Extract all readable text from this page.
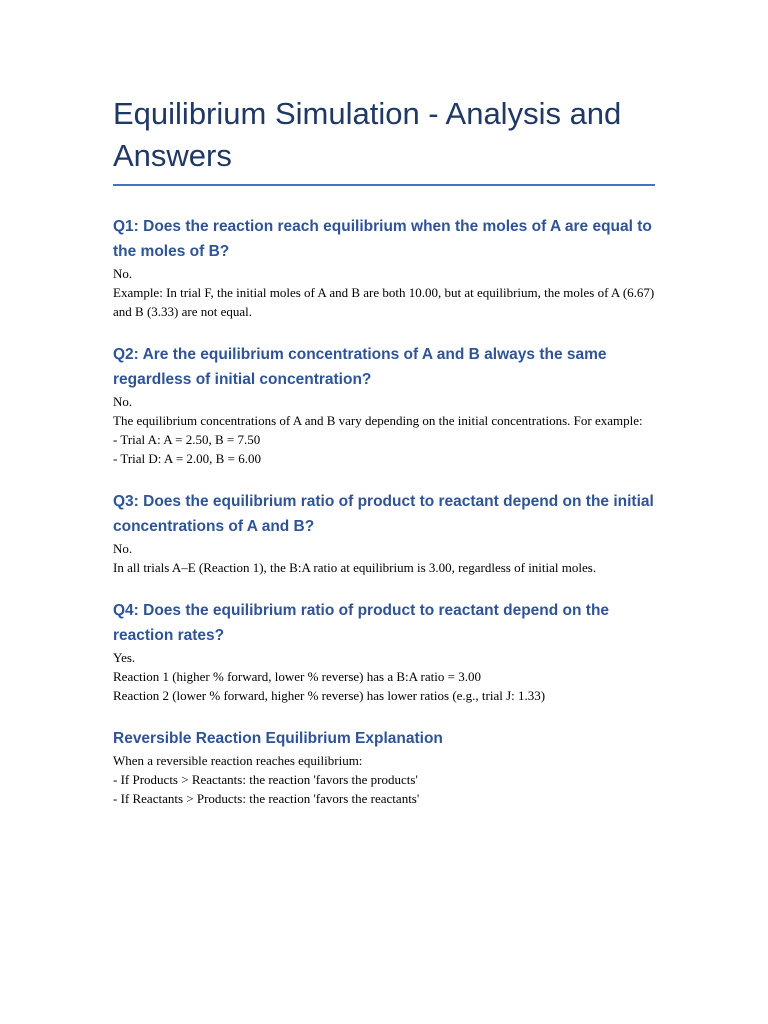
Equilibrium Simulation - Analysis and Answers
Q1: Does the reaction reach equilibrium when the moles of A are equal to the moles of B?

No.

Example: In trial F, the initial moles of A and B are both 10.00, but at equilibrium, the moles of A (6.67) and B (3.33) are not equal.

Q2: Are the equilibrium concentrations of A and B always the same regardless of initial concentration?

No.

The equilibrium concentrations of A and B vary depending on the initial concentrations. For example:

- Trial A: A = 2.50, B = 7.50

- Trial D: A = 2.00, B = 6.00

Q3: Does the equilibrium ratio of product to reactant depend on the initial concentrations of A and B?

No.

In all trials A–E (Reaction 1), the B:A ratio at equilibrium is 3.00, regardless of initial moles.

Q4: Does the equilibrium ratio of product to reactant depend on the reaction rates?

Yes.

Reaction 1 (higher % forward, lower % reverse) has a B:A ratio = 3.00

Reaction 2 (lower % forward, higher % reverse) has lower ratios (e.g., trial J: 1.33)

Reversible Reaction Equilibrium Explanation

When a reversible reaction reaches equilibrium:

- If Products > Reactants: the reaction 'favors the products'

- If Reactants > Products: the reaction 'favors the reactants'
